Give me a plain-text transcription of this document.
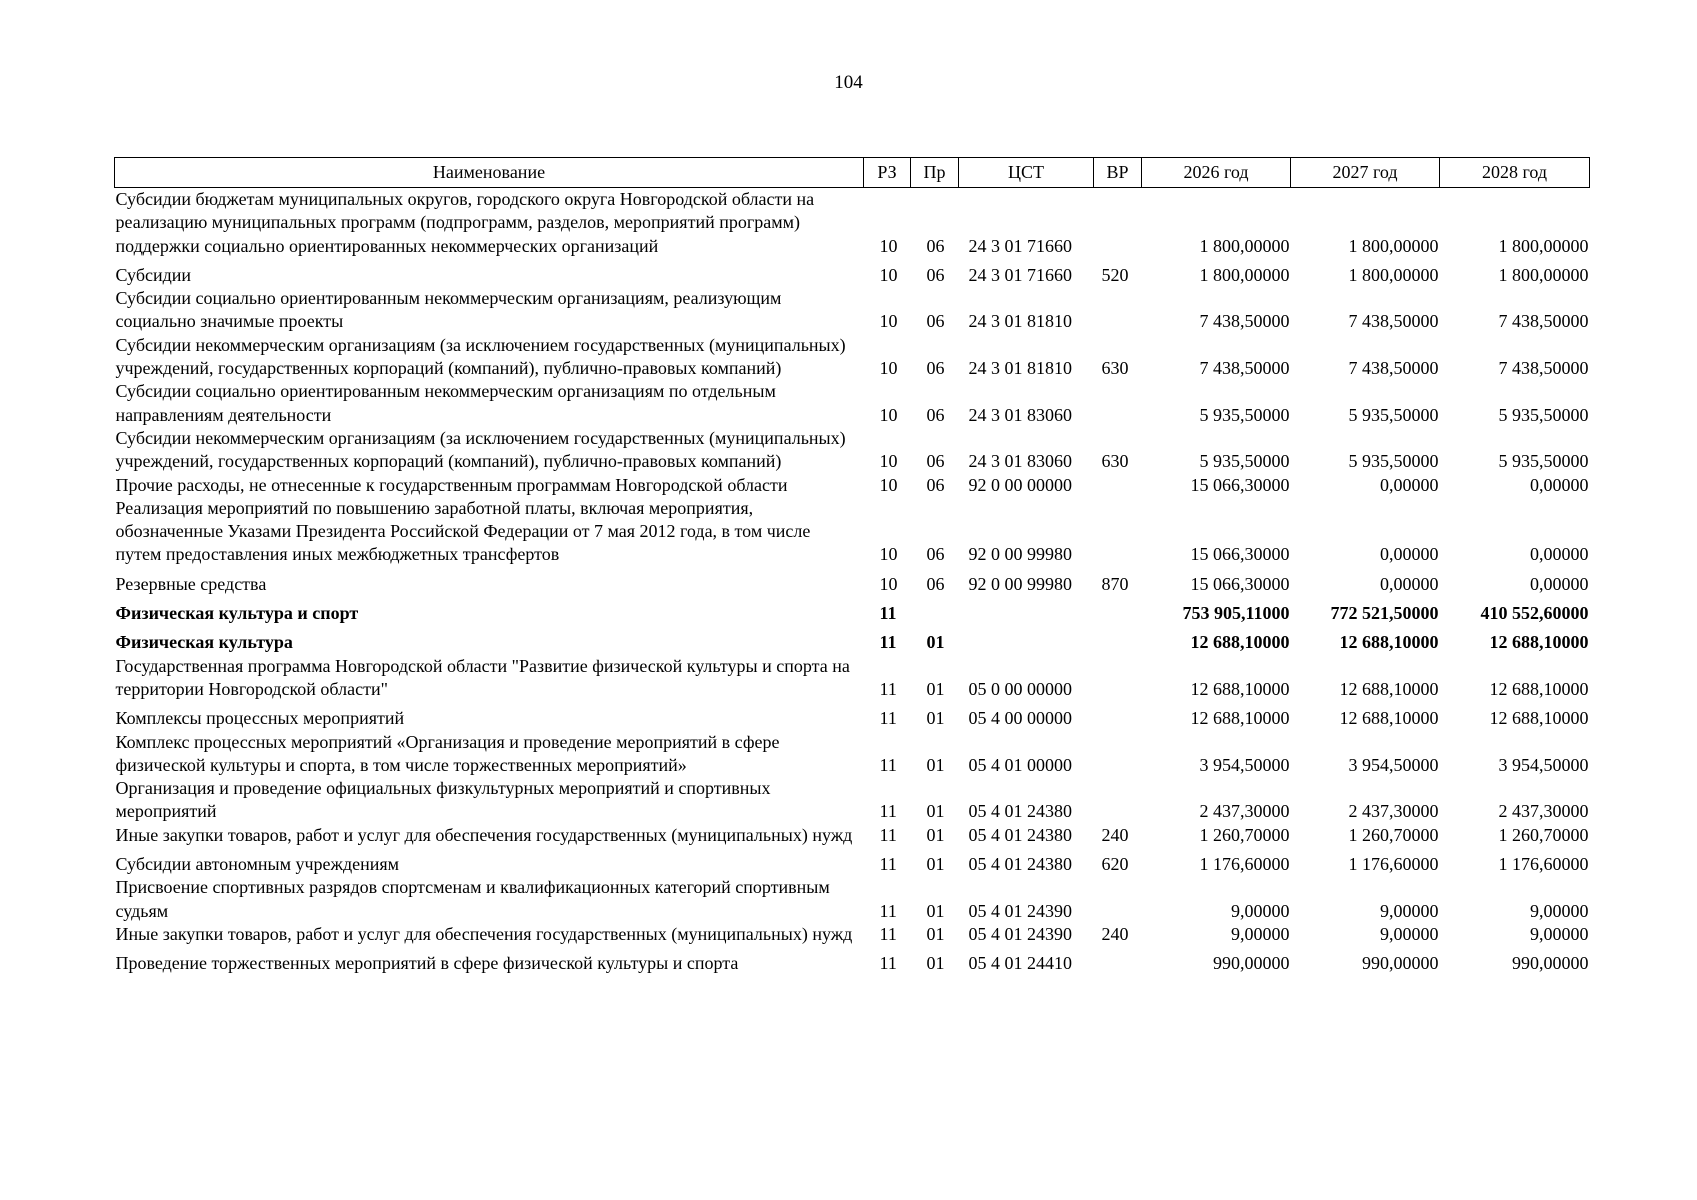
104
Наименование	РЗ	Пр	ЦСТ	ВР	2026 год	2027 год	2028 год
Субсидии бюджетам муниципальных округов, городского округа Новгородской области на реализацию муниципальных программ (подпрограмм, разделов, мероприятий программ) поддержки социально ориентированных некоммерческих организаций	10	06	24 3 01 71660		1 800,00000	1 800,00000	1 800,00000
Субсидии	10	06	24 3 01 71660	520	1 800,00000	1 800,00000	1 800,00000
Субсидии социально ориентированным некоммерческим организациям, реализующим социально значимые проекты	10	06	24 3 01 81810		7 438,50000	7 438,50000	7 438,50000
Субсидии некоммерческим организациям (за исключением государственных (муниципальных) учреждений, государственных корпораций (компаний), публично-правовых компаний)	10	06	24 3 01 81810	630	7 438,50000	7 438,50000	7 438,50000
Субсидии социально ориентированным некоммерческим организациям по отдельным направлениям деятельности	10	06	24 3 01 83060		5 935,50000	5 935,50000	5 935,50000
Субсидии некоммерческим организациям (за исключением государственных (муниципальных) учреждений, государственных корпораций (компаний), публично-правовых компаний)	10	06	24 3 01 83060	630	5 935,50000	5 935,50000	5 935,50000
Прочие расходы, не отнесенные к государственным программам Новгородской области	10	06	92 0 00 00000		15 066,30000	0,00000	0,00000
Реализация мероприятий по повышению заработной платы, включая мероприятия, обозначенные Указами Президента Российской Федерации от 7 мая 2012 года, в том числе путем предоставления иных межбюджетных трансфертов	10	06	92 0 00 99980		15 066,30000	0,00000	0,00000
Резервные средства	10	06	92 0 00 99980	870	15 066,30000	0,00000	0,00000
Физическая культура и спорт	11				753 905,11000	772 521,50000	410 552,60000
Физическая культура	11	01			12 688,10000	12 688,10000	12 688,10000
Государственная программа Новгородской области "Развитие физической культуры и спорта на территории Новгородской области"	11	01	05 0 00 00000		12 688,10000	12 688,10000	12 688,10000
Комплексы процессных мероприятий	11	01	05 4 00 00000		12 688,10000	12 688,10000	12 688,10000
Комплекс процессных мероприятий «Организация и проведение мероприятий в сфере физической культуры и спорта, в том числе торжественных мероприятий»	11	01	05 4 01 00000		3 954,50000	3 954,50000	3 954,50000
Организация и проведение официальных физкультурных мероприятий и спортивных мероприятий	11	01	05 4 01 24380		2 437,30000	2 437,30000	2 437,30000
Иные закупки товаров, работ и услуг для обеспечения государственных (муниципальных) нужд	11	01	05 4 01 24380	240	1 260,70000	1 260,70000	1 260,70000
Субсидии автономным учреждениям	11	01	05 4 01 24380	620	1 176,60000	1 176,60000	1 176,60000
Присвоение спортивных разрядов спортсменам и квалификационных категорий спортивным судьям	11	01	05 4 01 24390		9,00000	9,00000	9,00000
Иные закупки товаров, работ и услуг для обеспечения государственных (муниципальных) нужд	11	01	05 4 01 24390	240	9,00000	9,00000	9,00000
Проведение торжественных мероприятий в сфере физической культуры и спорта	11	01	05 4 01 24410		990,00000	990,00000	990,00000
